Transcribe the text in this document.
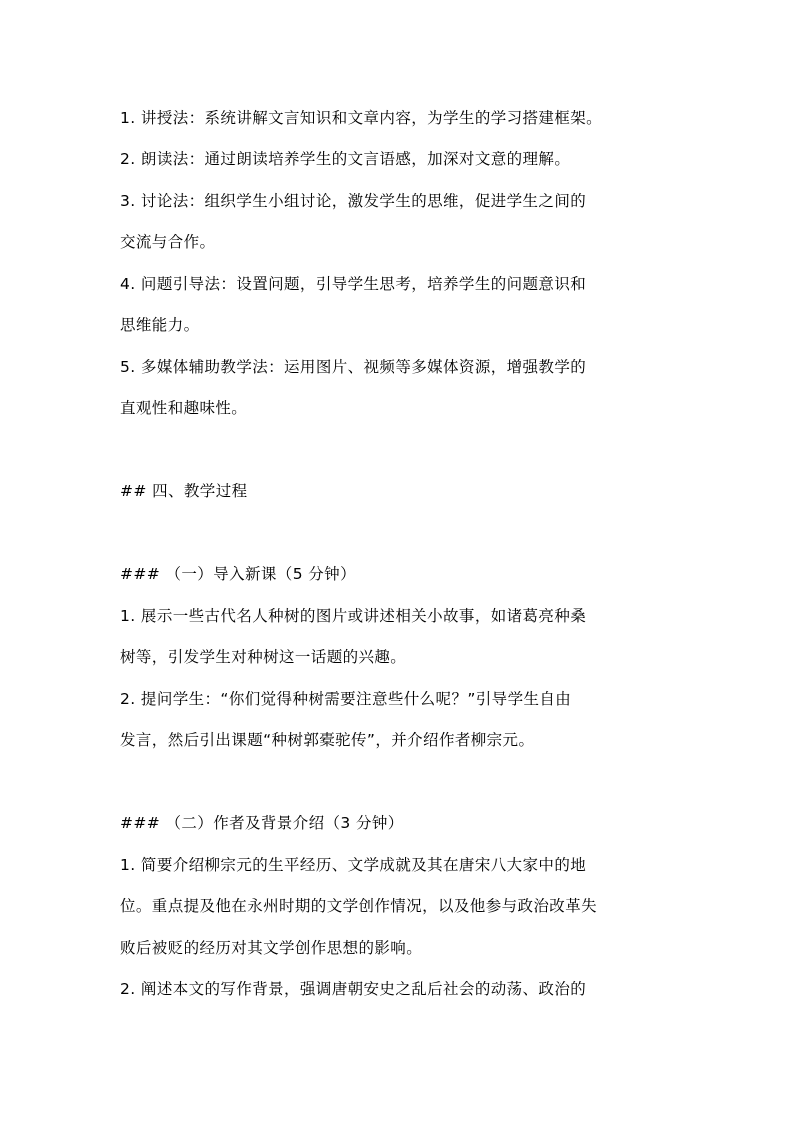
1. 讲授法：系统讲解文言知识和文章内容，为学生的学习搭建框架。
2. 朗读法：通过朗读培养学生的文言语感，加深对文意的理解。
3. 讨论法：组织学生小组讨论，激发学生的思维，促进学生之间的
交流与合作。
4. 问题引导法：设置问题，引导学生思考，培养学生的问题意识和
思维能力。
5. 多媒体辅助教学法：运用图片、视频等多媒体资源，增强教学的
直观性和趣味性。
## 四、教学过程
### （一）导入新课（5 分钟）
1. 展示一些古代名人种树的图片或讲述相关小故事，如诸葛亮种桑
树等，引发学生对种树这一话题的兴趣。
2. 提问学生：“你们觉得种树需要注意些什么呢？”引导学生自由
发言，然后引出课题“种树郭橐驼传”，并介绍作者柳宗元。
### （二）作者及背景介绍（3 分钟）
1. 简要介绍柳宗元的生平经历、文学成就及其在唐宋八大家中的地
位。重点提及他在永州时期的文学创作情况，以及他参与政治改革失
败后被贬的经历对其文学创作思想的影响。
2. 阐述本文的写作背景，强调唐朝安史之乱后社会的动荡、政治的
